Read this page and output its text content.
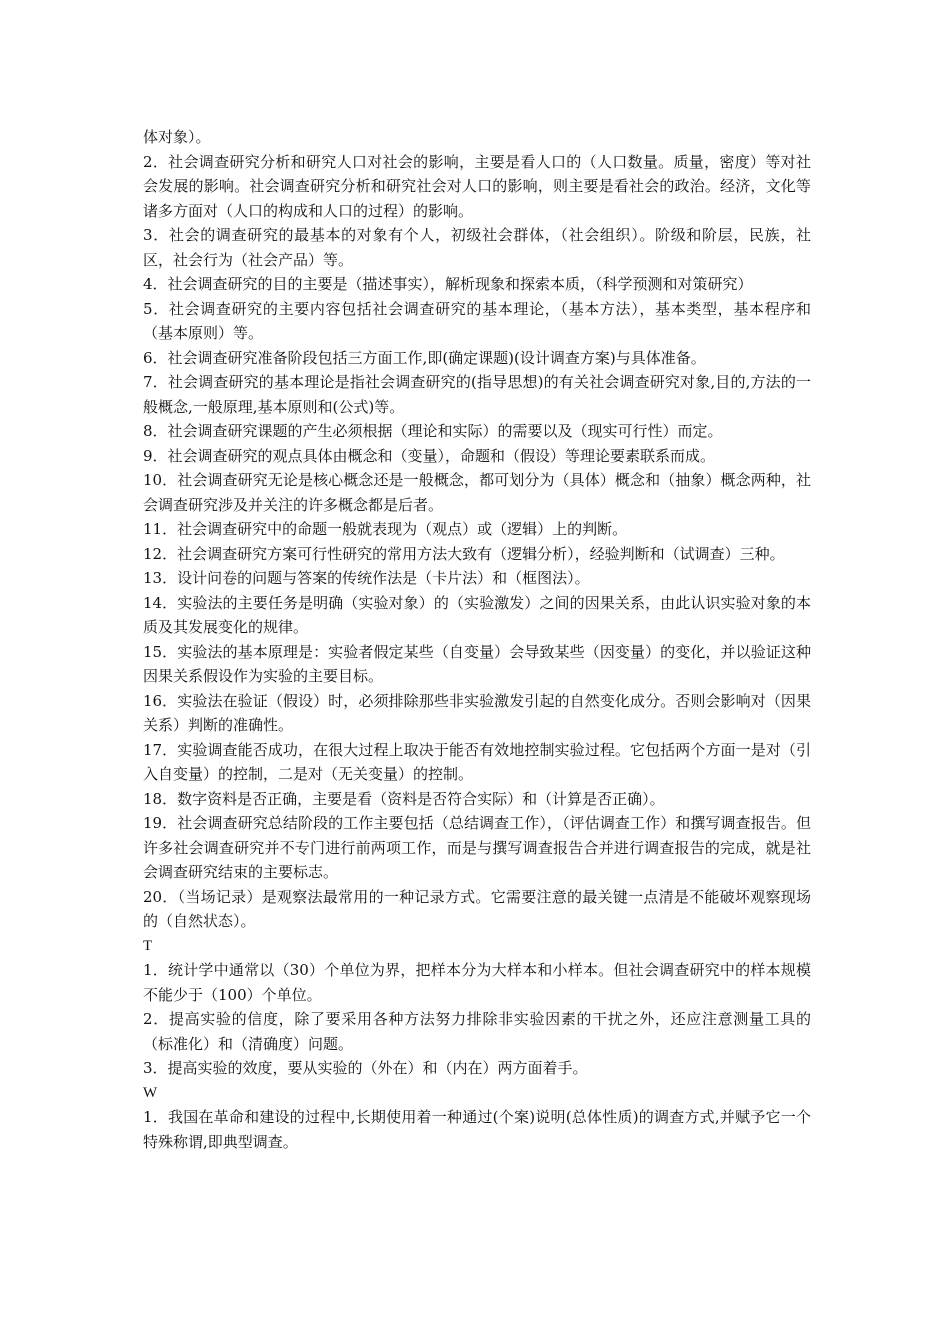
体对象）。

2．社会调查研究分析和研究人口对社会的影响，主要是看人口的（人口数量。质量，密度）等对社会发展的影响。社会调查研究分析和研究社会对人口的影响，则主要是看社会的政治。经济，文化等诸多方面对（人口的构成和人口的过程）的影响。

3．社会的调查研究的最基本的对象有个人，初级社会群体，（社会组织）。阶级和阶层，民族，社区，社会行为（社会产品）等。

4．社会调查研究的目的主要是（描述事实），解析现象和探索本质，（科学预测和对策研究）

5．社会调查研究的主要内容包括社会调查研究的基本理论，（基本方法），基本类型，基本程序和（基本原则）等。

6．社会调查研究准备阶段包括三方面工作,即(确定课题)(设计调查方案)与具体准备。

7．社会调查研究的基本理论是指社会调查研究的(指导思想)的有关社会调查研究对象,目的,方法的一般概念,一般原理,基本原则和(公式)等。

8．社会调查研究课题的产生必须根据（理论和实际）的需要以及（现实可行性）而定。

9．社会调查研究的观点具体由概念和（变量），命题和（假设）等理论要素联系而成。

10．社会调查研究无论是核心概念还是一般概念，都可划分为（具体）概念和（抽象）概念两种，社会调查研究涉及并关注的许多概念都是后者。

11．社会调查研究中的命题一般就表现为（观点）或（逻辑）上的判断。

12．社会调查研究方案可行性研究的常用方法大致有（逻辑分析），经验判断和（试调查）三种。

13．设计问卷的问题与答案的传统作法是（卡片法）和（框图法）。

14．实验法的主要任务是明确（实验对象）的（实验激发）之间的因果关系，由此认识实验对象的本质及其发展变化的规律。

15．实验法的基本原理是：实验者假定某些（自变量）会导致某些（因变量）的变化，并以验证这种因果关系假设作为实验的主要目标。

16．实验法在验证（假设）时，必须排除那些非实验激发引起的自然变化成分。否则会影响对（因果关系）判断的准确性。

17．实验调查能否成功，在很大过程上取决于能否有效地控制实验过程。它包括两个方面一是对（引入自变量）的控制，二是对（无关变量）的控制。

18．数字资料是否正确，主要是看（资料是否符合实际）和（计算是否正确）。

19．社会调查研究总结阶段的工作主要包括（总结调查工作），（评估调查工作）和撰写调查报告。但许多社会调查研究并不专门进行前两项工作，而是与撰写调查报告合并进行调查报告的完成，就是社会调查研究结束的主要标志。

20．（当场记录）是观察法最常用的一种记录方式。它需要注意的最关键一点清是不能破坏观察现场的（自然状态）。

T

1．统计学中通常以（30）个单位为界，把样本分为大样本和小样本。但社会调查研究中的样本规模不能少于（100）个单位。

2．提高实验的信度，除了要采用各种方法努力排除非实验因素的干扰之外，还应注意测量工具的（标准化）和（清确度）问题。

3．提高实验的效度，要从实验的（外在）和（内在）两方面着手。

W

1．我国在革命和建设的过程中,长期使用着一种通过(个案)说明(总体性质)的调查方式,并赋予它一个特殊称谓,即典型调查。
